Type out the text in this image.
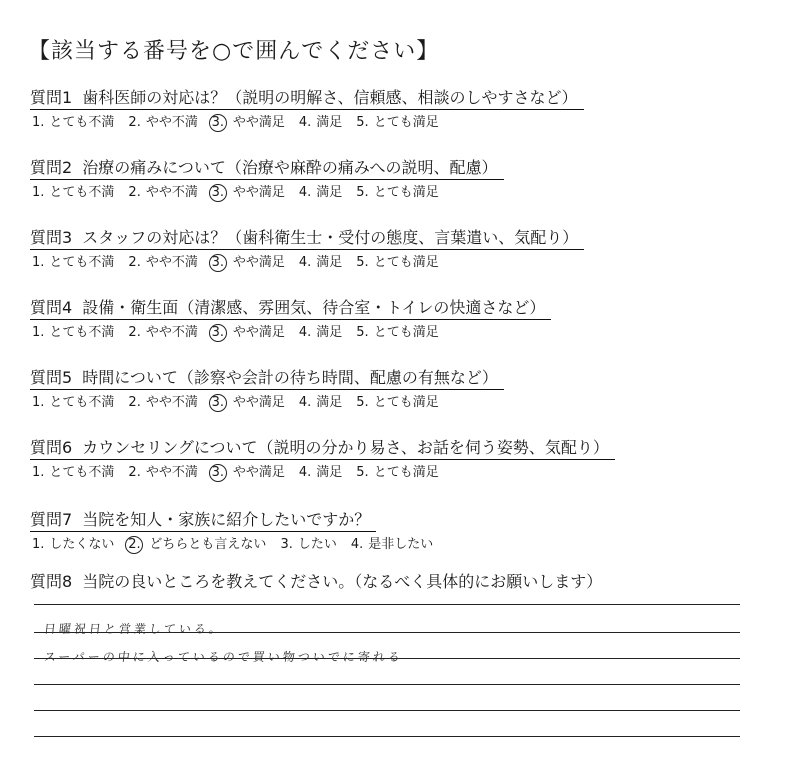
【該当する番号を○で囲んでください】
質問1 歯科医師の対応は？（説明の明解さ、信頼感、相談のしやすさなど）
1. とても不満 2. やや不満 3. やや満足 4. 満足 5. とても満足
質問2 治療の痛みについて（治療や麻酔の痛みへの説明、配慮）
1. とても不満 2. やや不満 3. やや満足 4. 満足 5. とても満足
質問3 スタッフの対応は？（歯科衛生士・受付の態度、言葉遣い、気配り）
1. とても不満 2. やや不満 3. やや満足 4. 満足 5. とても満足
質問4 設備・衛生面（清潔感、雰囲気、待合室・トイレの快適さなど）
1. とても不満 2. やや不満 3. やや満足 4. 満足 5. とても満足
質問5 時間について（診察や会計の待ち時間、配慮の有無など）
1. とても不満 2. やや不満 3. やや満足 4. 満足 5. とても満足
質問6 カウンセリングについて（説明の分かり易さ、お話を伺う姿勢、気配り）
1. とても不満 2. やや不満 3. やや満足 4. 満足 5. とても満足
質問7 当院を知人・家族に紹介したいですか？
1. したくない 2. どちらとも言えない 3. したい 4. 是非したい
質問8 当院の良いところを教えてください。（なるべく具体的にお願いします）
日曜祝日と営業している。
スーパーの中に入っているので買い物ついでに寄れる
